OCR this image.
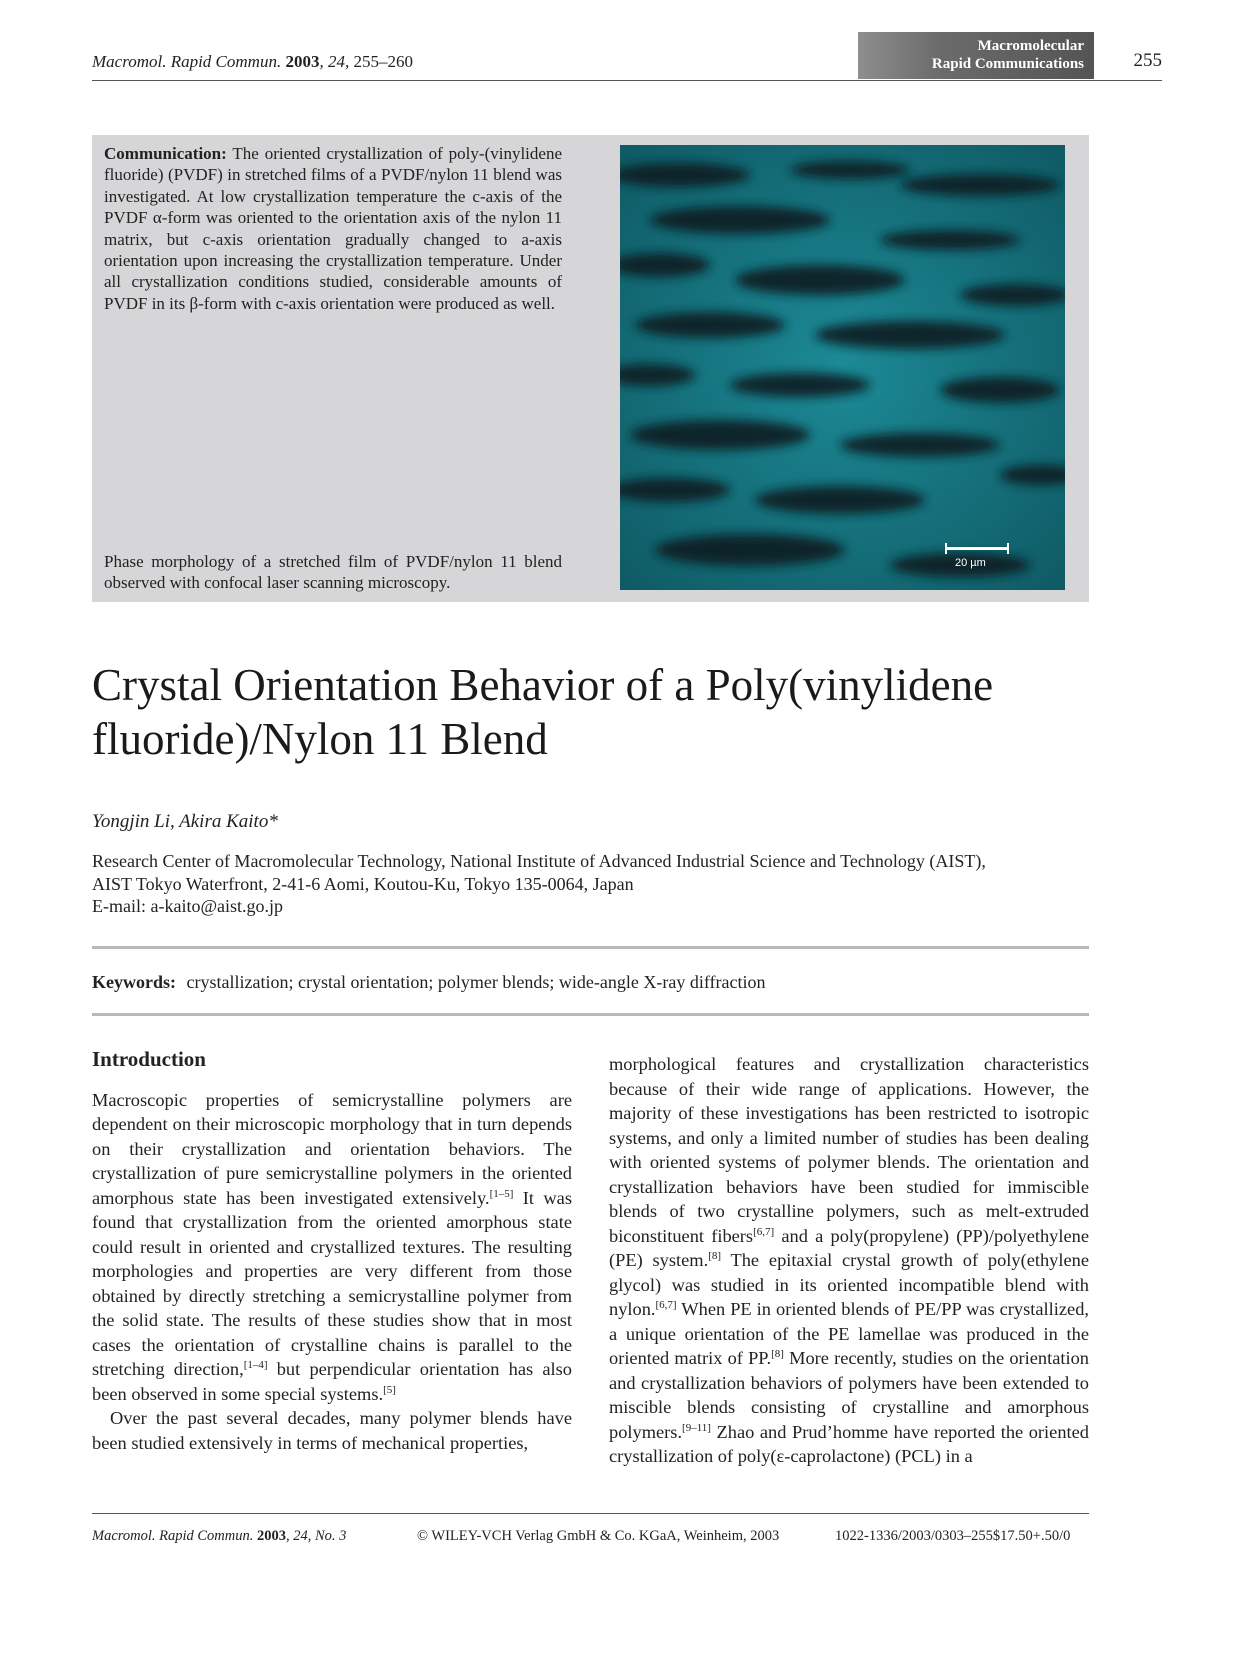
Macromol. Rapid Commun. 2003, 24, 255–260
Macromolecular
Rapid Communications	255
Communication: The oriented crystallization of poly-(vinylidene fluoride) (PVDF) in stretched films of a PVDF/nylon 11 blend was investigated. At low crystallization temperature the c-axis of the PVDF α-form was oriented to the orientation axis of the nylon 11 matrix, but c-axis orientation gradually changed to a-axis orientation upon increasing the crystallization temperature. Under all crystallization conditions studied, considerable amounts of PVDF in its β-form with c-axis orientation were produced as well.
Phase morphology of a stretched film of PVDF/nylon 11 blend observed with confocal laser scanning microscopy.
20 µm
Crystal Orientation Behavior of a Poly(vinylidene fluoride)/Nylon 11 Blend
Yongjin Li, Akira Kaito*
Research Center of Macromolecular Technology, National Institute of Advanced Industrial Science and Technology (AIST),
AIST Tokyo Waterfront, 2-41-6 Aomi, Koutou-Ku, Tokyo 135-0064, Japan
E-mail: a-kaito@aist.go.jp
Keywords: crystallization; crystal orientation; polymer blends; wide-angle X-ray diffraction
Introduction

Macroscopic properties of semicrystalline polymers are dependent on their microscopic morphology that in turn depends on their crystallization and orientation behaviors. The crystallization of pure semicrystalline polymers in the oriented amorphous state has been investigated extensively.[1–5] It was found that crystallization from the oriented amorphous state could result in oriented and crystallized textures. The resulting morphologies and properties are very different from those obtained by directly stretching a semicrystalline polymer from the solid state. The results of these studies show that in most cases the orientation of crystalline chains is parallel to the stretching direction,[1–4] but perpendicular orientation has also been observed in some special systems.[5]

Over the past several decades, many polymer blends have been studied extensively in terms of mechanical properties,

morphological features and crystallization characteristics because of their wide range of applications. However, the majority of these investigations has been restricted to isotropic systems, and only a limited number of studies has been dealing with oriented systems of polymer blends. The orientation and crystallization behaviors have been studied for immiscible blends of two crystalline polymers, such as melt-extruded biconstituent fibers[6,7] and a poly(propylene) (PP)/polyethylene (PE) system.[8] The epitaxial crystal growth of poly(ethylene glycol) was studied in its oriented incompatible blend with nylon.[6,7] When PE in oriented blends of PE/PP was crystallized, a unique orientation of the PE lamellae was produced in the oriented matrix of PP.[8] More recently, studies on the orientation and crystallization behaviors of polymers have been extended to miscible blends consisting of crystalline and amorphous polymers.[9–11] Zhao and Prud’homme have reported the oriented crystallization of poly(ε-caprolactone) (PCL) in a

Macromol. Rapid Commun. 2003, 24, No. 3	© WILEY-VCH Verlag GmbH & Co. KGaA, Weinheim, 2003	1022-1336/2003/0303–255$17.50+.50/0
